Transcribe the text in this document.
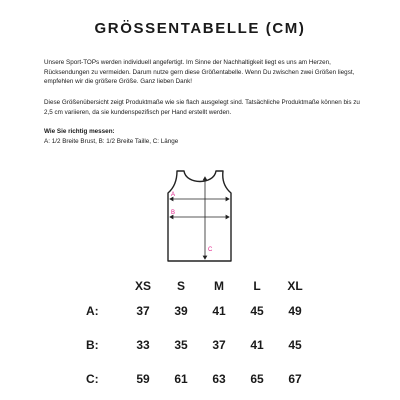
GRÖSSENTABELLE (CM)

Unsere Sport-TOPs werden individuell angefertigt. Im Sinne der Nachhaltigkeit liegt es uns am Herzen, Rücksendungen zu vermeiden. Darum nutze gern diese Größentabelle. Wenn Du zwischen zwei Größen liegst, empfehlen wir die größere Größe. Ganz lieben Dank!

Diese Größenübersicht zeigt Produktmaße wie sie flach ausgelegt sind. Tatsächliche Produktmaße können bis zu 2,5 cm variieren, da sie kundenspezifisch per Hand erstellt werden.

Wie Sie richtig messen:
A: 1/2 Breite Brust, B: 1/2 Breite Taille, C: Länge
A
B
C
	XS	S	M	L	XL
A:	37	39	41	45	49
B:	33	35	37	41	45
C:	59	61	63	65	67
